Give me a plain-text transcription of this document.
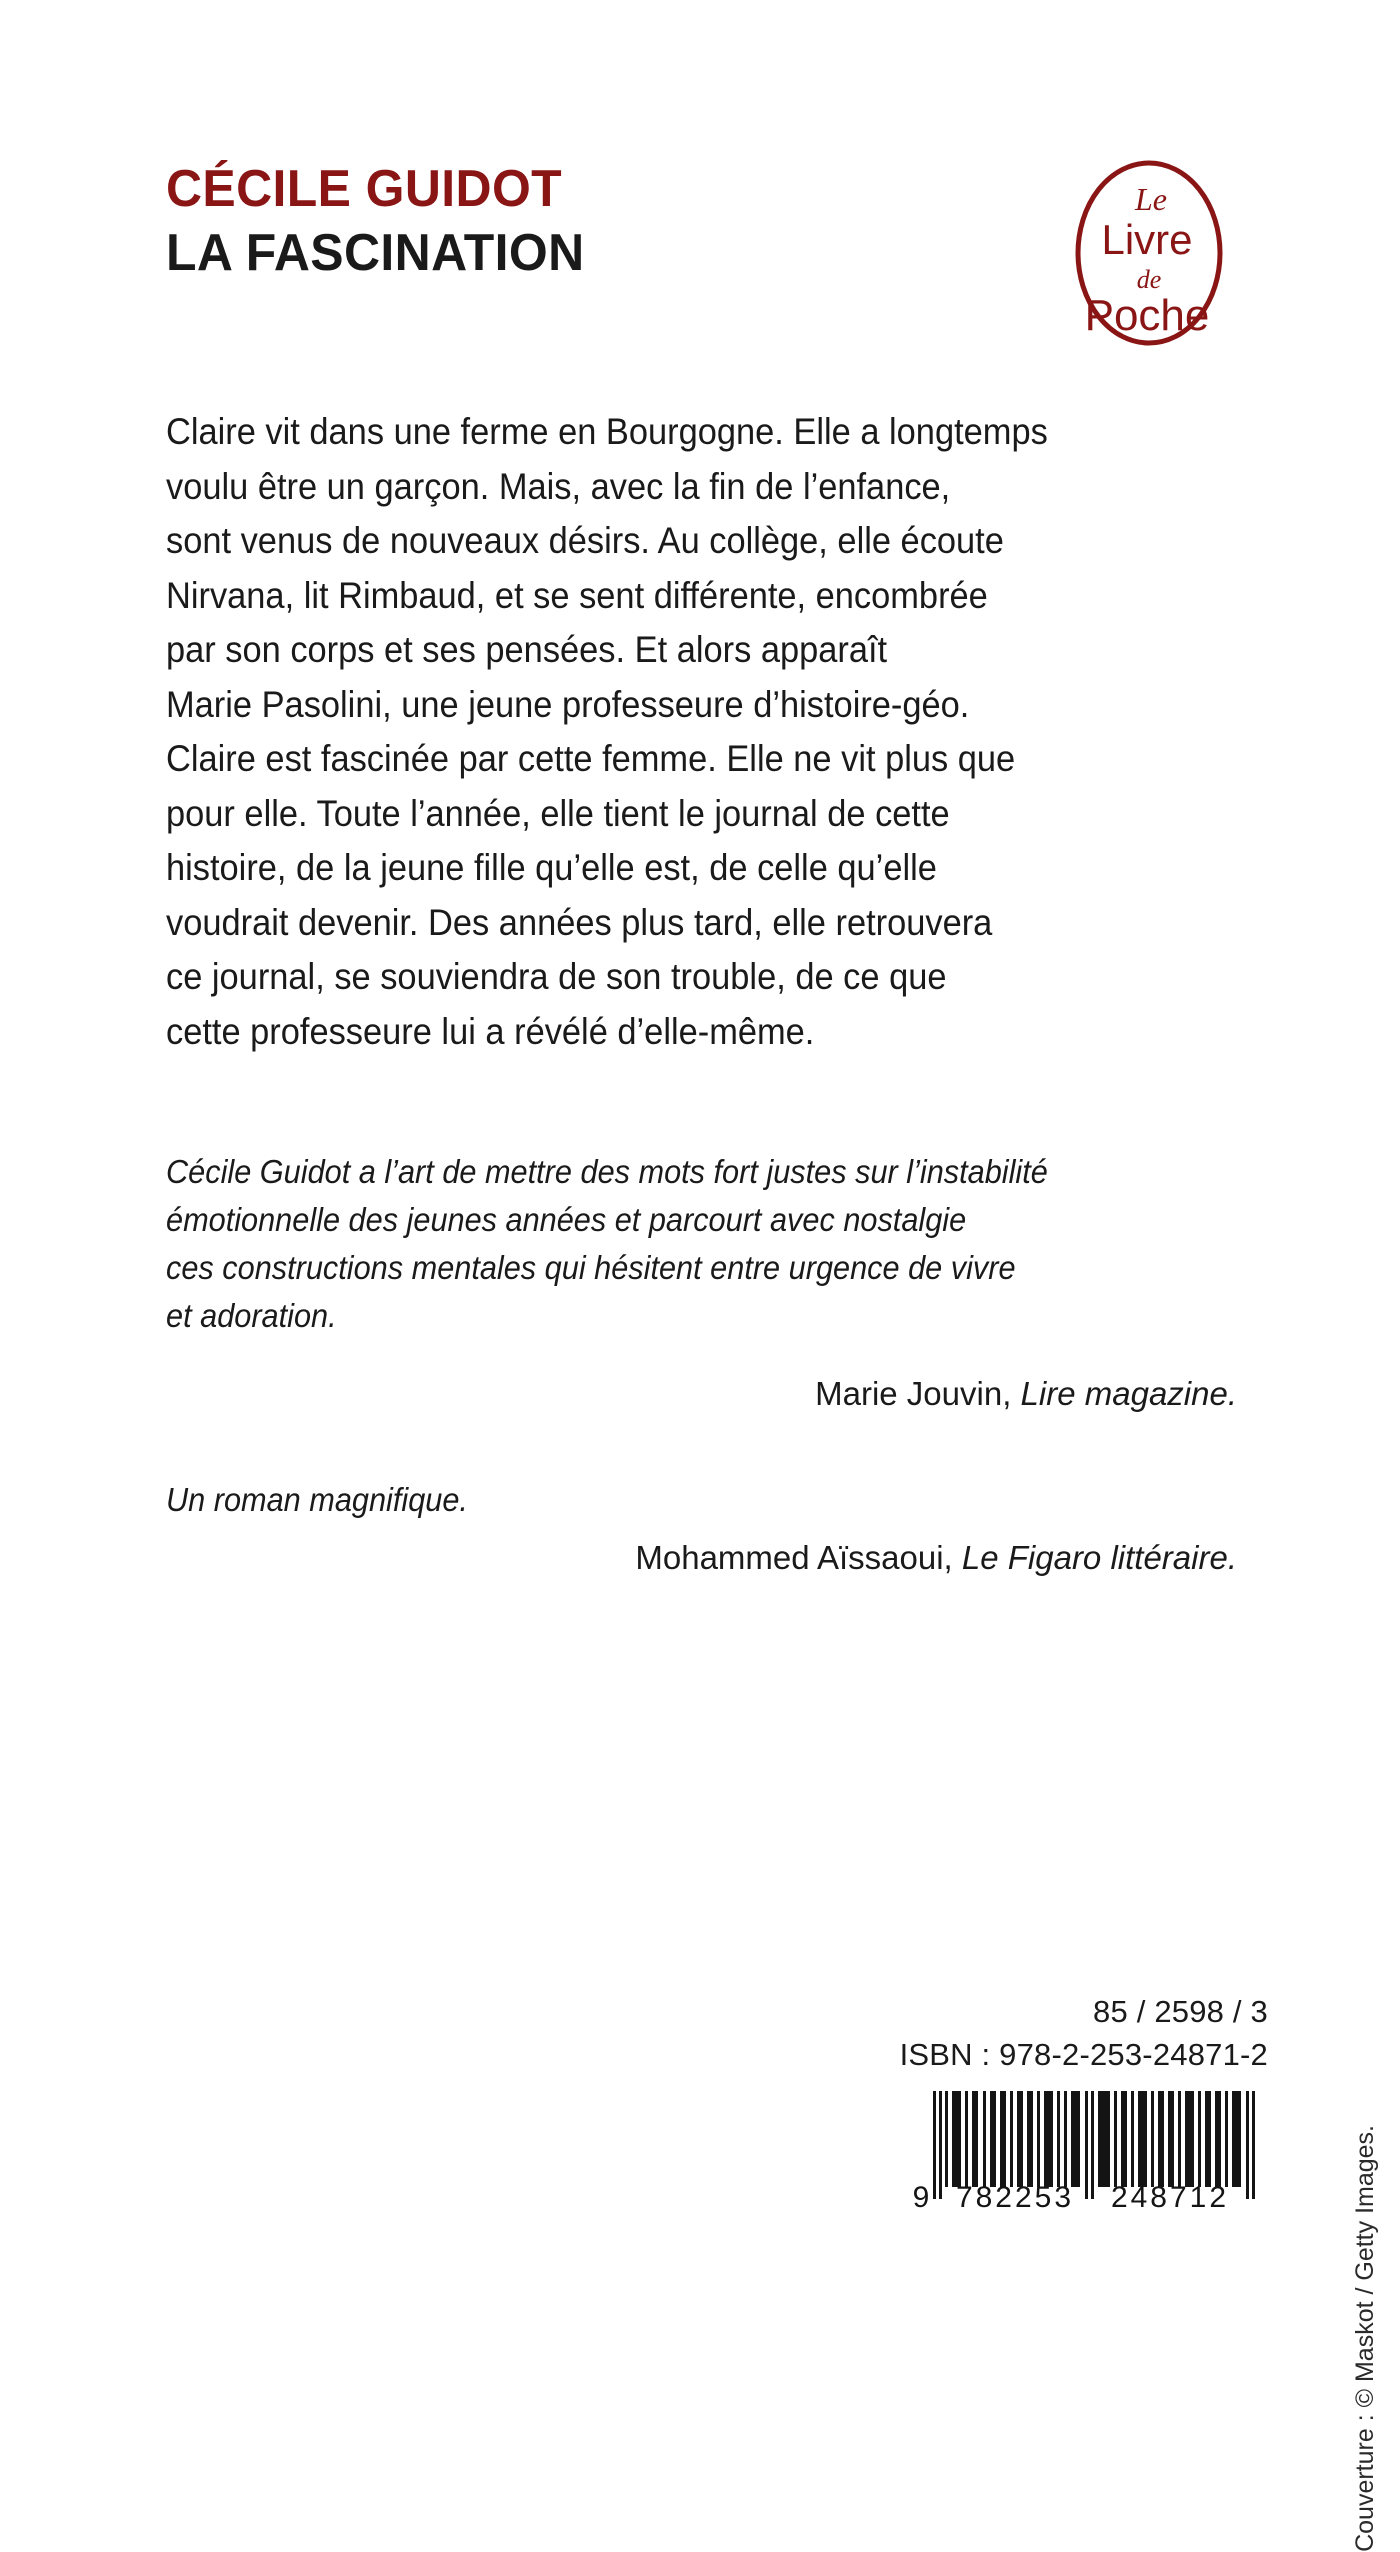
CÉCILE GUIDOT
LA FASCINATION
Le
Livre
de
Poche
Claire vit dans une ferme en Bourgogne. Elle a longtemps
voulu être un garçon. Mais, avec la fin de l’enfance,
sont venus de nouveaux désirs. Au collège, elle écoute
Nirvana, lit Rimbaud, et se sent différente, encombrée
par son corps et ses pensées. Et alors apparaît
Marie Pasolini, une jeune professeure d’histoire-géo.
Claire est fascinée par cette femme. Elle ne vit plus que
pour elle. Toute l’année, elle tient le journal de cette
histoire, de la jeune fille qu’elle est, de celle qu’elle
voudrait devenir. Des années plus tard, elle retrouvera
ce journal, se souviendra de son trouble, de ce que
cette professeure lui a révélé d’elle-même.
Cécile Guidot a l’art de mettre des mots fort justes sur l’instabilité
émotionnelle des jeunes années et parcourt avec nostalgie
ces constructions mentales qui hésitent entre urgence de vivre
et adoration.
Marie Jouvin, Lire magazine.
Un roman magnifique.
Mohammed Aïssaoui, Le Figaro littéraire.
Couverture : © Maskot / Getty Images.
85 / 2598 / 3
ISBN : 978-2-253-24871-2
9 782253 248712
